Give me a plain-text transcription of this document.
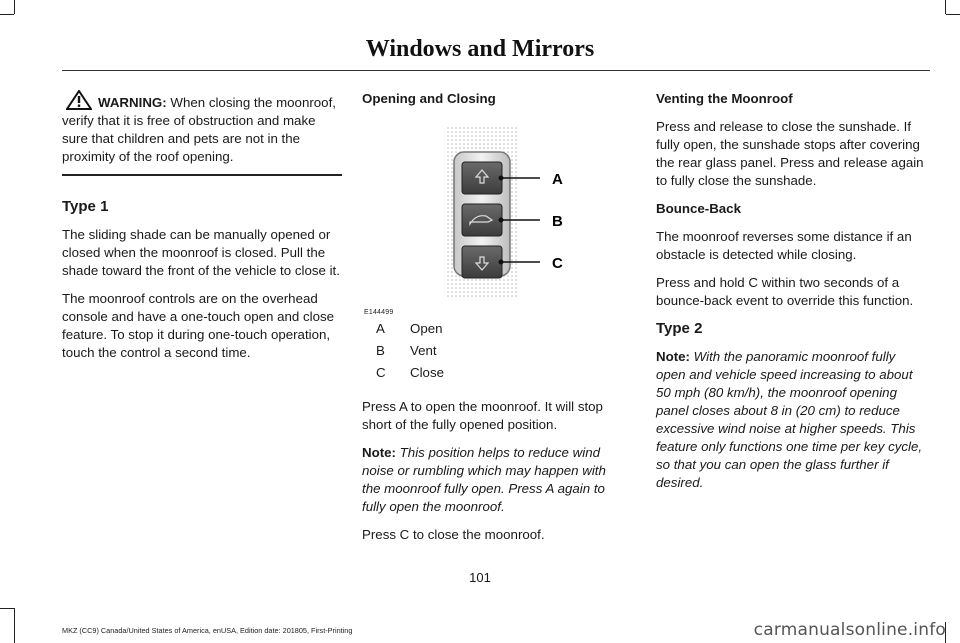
Windows and Mirrors

WARNING: When closing the moonroof, verify that it is free of obstruction and make sure that children and pets are not in the proximity of the roof opening.

Type 1

The sliding shade can be manually opened or closed when the moonroof is closed. Pull the shade toward the front of the vehicle to close it.

The moonroof controls are on the overhead console and have a one-touch open and close feature. To stop it during one-touch operation, touch the control a second time.

Opening and Closing
A
B
C
E144499
A	Open
B	Vent
C	Close

Press A to open the moonroof. It will stop short of the fully opened position.

Note: This position helps to reduce wind noise or rumbling which may happen with the moonroof fully open. Press A again to fully open the moonroof.

Press C to close the moonroof.

Venting the Moonroof

Press and release to close the sunshade. If fully open, the sunshade stops after covering the rear glass panel. Press and release again to fully close the sunshade.

Bounce-Back

The moonroof reverses some distance if an obstacle is detected while closing.

Press and hold C within two seconds of a bounce-back event to override this function.

Type 2

Note: With the panoramic moonroof fully open and vehicle speed increasing to about 50 mph (80 km/h), the moonroof opening panel closes about 8 in (20 cm) to reduce excessive wind noise at higher speeds. This feature only functions one time per key cycle, so that you can open the glass further if desired.

101
MKZ (CC9) Canada/United States of America, enUSA, Edition date: 201805, First-Printing	carmanualsonline.info
